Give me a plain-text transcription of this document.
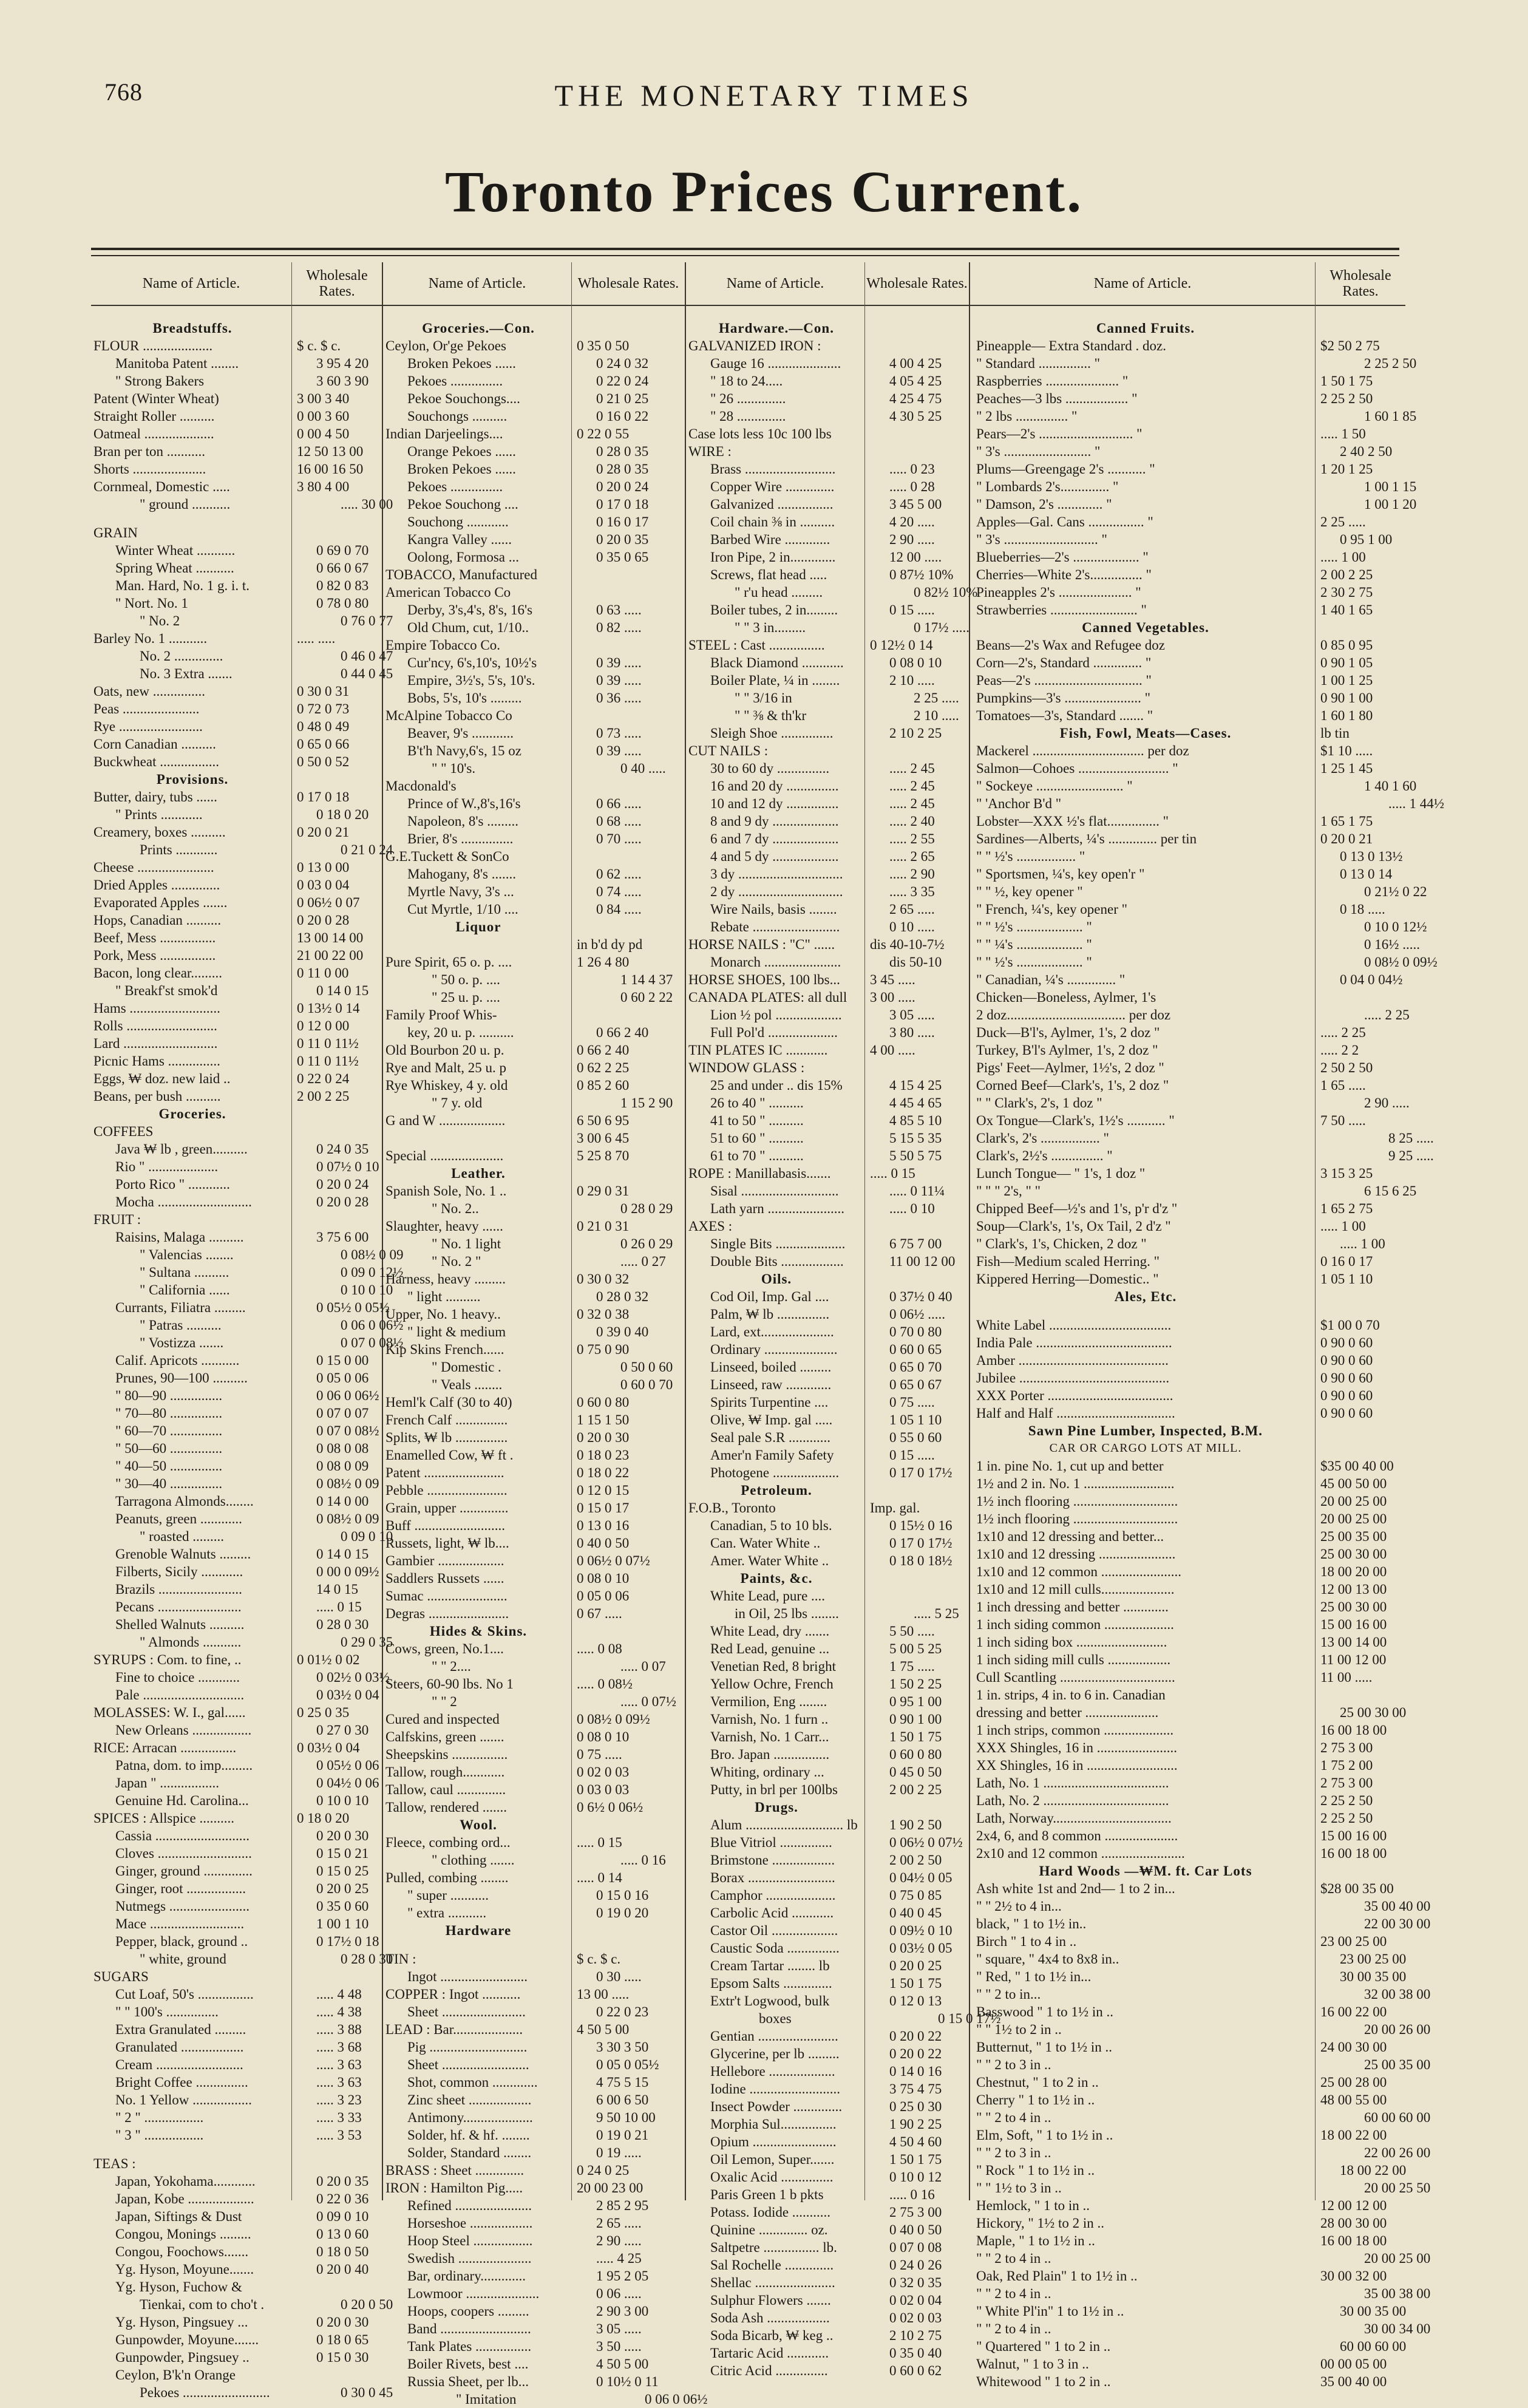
768	THE MONETARY TIMES
Toronto Prices Current.
Name of Article.
Breadstuffs.
FLOUR ....................
Manitoba Patent ........
" Strong Bakers
Patent (Winter Wheat)
Straight Roller ..........
Oatmeal ....................
Bran per ton ...........
Shorts .....................
Cornmeal, Domestic .....
" ground ...........
GRAIN
Winter Wheat ...........
Spring Wheat ...........
Man. Hard, No. 1 g. i. t.
" Nort. No. 1
" No. 2
Barley No. 1 ...........
No. 2 ..............
No. 3 Extra .......
Oats, new ...............
Peas ......................
Rye ........................
Corn Canadian ..........
Buckwheat .................
Provisions.
Butter, dairy, tubs ......
" Prints ............
Creamery, boxes ..........
Prints ............
Cheese ......................
Dried Apples ..............
Evaporated Apples .......
Hops, Canadian ..........
Beef, Mess ................
Pork, Mess ................
Bacon, long clear.........
" Breakf'st smok'd
Hams ..........................
Rolls ..........................
Lard ...........................
Picnic Hams ...............
Eggs, ₩ doz. new laid ..
Beans, per bush ..........
Groceries.
COFFEES
Java ₩ lb , green..........
Rio " ....................
Porto Rico " ............
Mocha ...........................
FRUIT :
Raisins, Malaga ..........
" Valencias ........
" Sultana ..........
" California ......
Currants, Filiatra .........
" Patras ..........
" Vostizza .......
Calif. Apricots ...........
Prunes, 90—100 ..........
" 80—90 ...............
" 70—80 ...............
" 60—70 ...............
" 50—60 ...............
" 40—50 ...............
" 30—40 ...............
Tarragona Almonds........
Peanuts, green ............
" roasted .........
Grenoble Walnuts .........
Filberts, Sicily ............
Brazils ........................
Pecans ........................
Shelled Walnuts ..........
" Almonds ...........
SYRUPS : Com. to fine, ..
Fine to choice ............
Pale .............................
MOLASSES: W. I., gal......
New Orleans .................
RICE: Arracan ................
Patna, dom. to imp.........
Japan " .................
Genuine Hd. Carolina...
SPICES : Allspice ..........
Cassia ...........................
Cloves ...........................
Ginger, ground ..............
Ginger, root .................
Nutmegs .......................
Mace ...........................
Pepper, black, ground ..
" white, ground
SUGARS
Cut Loaf, 50's ................
" " 100's ...............
Extra Granulated .........
Granulated ..................
Cream .........................
Bright Coffee ...............
No. 1 Yellow .................
" 2 " .................
" 3 " .................
TEAS :
Japan, Yokohama............
Japan, Kobe ...................
Japan, Siftings & Dust
Congou, Monings .........
Congou, Foochows.......
Yg. Hyson, Moyune.......
Yg. Hyson, Fuchow &
Tienkai, com to cho't .
Yg. Hyson, Pingsuey ...
Gunpowder, Moyune.......
Gunpowder, Pingsuey ..
Ceylon, B'k'n Orange
Pekoes .........................
Wholesale Rates.
$ c. $ c.
3 95 4 20
3 60 3 90
3 00 3 40
0 00 3 60
0 00 4 50
12 50 13 00
16 00 16 50
3 80 4 00
..... 30 00
0 69 0 70
0 66 0 67
0 82 0 83
0 78 0 80
0 76 0 77
..... .....
0 46 0 47
0 44 0 45
0 30 0 31
0 72 0 73
0 48 0 49
0 65 0 66
0 50 0 52
0 17 0 18
0 18 0 20
0 20 0 21
0 21 0 24
0 13 0 00
0 03 0 04
0 06½ 0 07
0 20 0 28
13 00 14 00
21 00 22 00
0 11 0 00
0 14 0 15
0 13½ 0 14
0 12 0 00
0 11 0 11½
0 11 0 11½
0 22 0 24
2 00 2 25
0 24 0 35
0 07½ 0 10
0 20 0 24
0 20 0 28
3 75 6 00
0 08½ 0 09
0 09 0 12½
0 10 0 10
0 05½ 0 05½
0 06 0 06½
0 07 0 08½
0 15 0 00
0 05 0 06
0 06 0 06½
0 07 0 07
0 07 0 08½
0 08 0 08
0 08 0 09
0 08½ 0 09
0 14 0 00
0 08½ 0 09
0 09 0 10
0 14 0 15
0 00 0 09½
14 0 15
..... 0 15
0 28 0 30
0 29 0 35
0 01½ 0 02
0 02½ 0 03½
0 03½ 0 04
0 25 0 35
0 27 0 30
0 03½ 0 04
0 05½ 0 06
0 04½ 0 06
0 10 0 10
0 18 0 20
0 20 0 30
0 15 0 21
0 15 0 25
0 20 0 25
0 35 0 60
1 00 1 10
0 17½ 0 18
0 28 0 30
..... 4 48
..... 4 38
..... 3 88
..... 3 68
..... 3 63
..... 3 63
..... 3 23
..... 3 33
..... 3 53
0 20 0 35
0 22 0 36
0 09 0 10
0 13 0 60
0 18 0 50
0 20 0 40
0 20 0 50
0 20 0 30
0 18 0 65
0 15 0 30
0 30 0 45
Name of Article.
Groceries.—Con.
Ceylon, Or'ge Pekoes
Broken Pekoes ......
Pekoes ...............
Pekoe Souchongs....
Souchongs ..........
Indian Darjeelings....
Orange Pekoes ......
Broken Pekoes ......
Pekoes ...............
Pekoe Souchong ....
Souchong ............
Kangra Valley ......
Oolong, Formosa ...
TOBACCO, Manufactured
American Tobacco Co
Derby, 3's,4's, 8's, 16's
Old Chum, cut, 1/10..
Empire Tobacco Co.
Cur'ncy, 6's,10's, 10½'s
Empire, 3½'s, 5's, 10's.
Bobs, 5's, 10's .........
McAlpine Tobacco Co
Beaver, 9's ............
B't'h Navy,6's, 15 oz
" " 10's.
Macdonald's
Prince of W.,8's,16's
Napoleon, 8's .........
Brier, 8's ...............
G.E.Tuckett & SonCo
Mahogany, 8's .......
Myrtle Navy, 3's ...
Cut Myrtle, 1/10 ....
Liquor
Pure Spirit, 65 o. p. ....
" 50 o. p. ....
" 25 u. p. ....
Family Proof Whis-
key, 20 u. p. ..........
Old Bourbon 20 u. p.
Rye and Malt, 25 u. p
Rye Whiskey, 4 y. old
" 7 y. old
G and W ...................
Special .....................
Leather.
Spanish Sole, No. 1 ..
" No. 2..
Slaughter, heavy ......
" No. 1 light
" No. 2 "
Harness, heavy .........
" light ..........
Upper, No. 1 heavy..
" light & medium
Kip Skins French......
" Domestic .
" Veals ........
Heml'k Calf (30 to 40)
French Calf ...............
Splits, ₩ lb ...............
Enamelled Cow, ₩ ft .
Patent .......................
Pebble .......................
Grain, upper ..............
Buff ..........................
Russets, light, ₩ lb....
Gambier ...................
Saddlers Russets ......
Sumac .......................
Degras .......................
Hides & Skins.
Cows, green, No.1....
" " 2....
Steers, 60-90 lbs. No 1
" " 2
Cured and inspected
Calfskins, green .......
Sheepskins ................
Tallow, rough............
Tallow, caul ..............
Tallow, rendered .......
Wool.
Fleece, combing ord...
" clothing .......
Pulled, combing ........
" super ...........
" extra ...........
Hardware
TIN :
Ingot .........................
COPPER : Ingot ...........
Sheet ........................
LEAD : Bar....................
Pig ............................
Sheet .........................
Shot, common .............
Zinc sheet ..................
Antimony....................
Solder, hf. & hf. ........
Solder, Standard ........
BRASS : Sheet ..............
IRON : Hamilton Pig.....
Refined ......................
Horseshoe ..................
Hoop Steel .................
Swedish .....................
Bar, ordinary.............
Lowmoor .....................
Hoops, coopers .........
Band ..........................
Tank Plates ................
Boiler Rivets, best ....
Russia Sheet, per lb...
" Imitation
Wholesale Rates.
0 35 0 50
0 24 0 32
0 22 0 24
0 21 0 25
0 16 0 22
0 22 0 55
0 28 0 35
0 28 0 35
0 20 0 24
0 17 0 18
0 16 0 17
0 20 0 35
0 35 0 65
0 63 .....
0 82 .....
0 39 .....
0 39 .....
0 36 .....
0 73 .....
0 39 .....
0 40 .....
0 66 .....
0 68 .....
0 70 .....
0 62 .....
0 74 .....
0 84 .....
in b'd dy pd
1 26 4 80
1 14 4 37
0 60 2 22
0 66 2 40
0 66 2 40
0 62 2 25
0 85 2 60
1 15 2 90
6 50 6 95
3 00 6 45
5 25 8 70
0 29 0 31
0 28 0 29
0 21 0 31
0 26 0 29
..... 0 27
0 30 0 32
0 28 0 32
0 32 0 38
0 39 0 40
0 75 0 90
0 50 0 60
0 60 0 70
0 60 0 80
1 15 1 50
0 20 0 30
0 18 0 23
0 18 0 22
0 12 0 15
0 15 0 17
0 13 0 16
0 40 0 50
0 06½ 0 07½
0 08 0 10
0 05 0 06
0 67 .....
..... 0 08
..... 0 07
..... 0 08½
..... 0 07½
0 08½ 0 09½
0 08 0 10
0 75 .....
0 02 0 03
0 03 0 03
0 6½ 0 06½
..... 0 15
..... 0 16
..... 0 14
0 15 0 16
0 19 0 20
$ c. $ c.
0 30 .....
13 00 .....
0 22 0 23
4 50 5 00
3 30 3 50
0 05 0 05½
4 75 5 15
6 00 6 50
9 50 10 00
0 19 0 21
0 19 .....
0 24 0 25
20 00 23 00
2 85 2 95
2 65 .....
2 90 .....
..... 4 25
1 95 2 05
0 06 .....
2 90 3 00
3 05 .....
3 50 .....
4 50 5 00
0 10½ 0 11
0 06 0 06½
Name of Article.
Hardware.—Con.
GALVANIZED IRON :
Gauge 16 .....................
" 18 to 24.....
" 26 ..............
" 28 ..............
Case lots less 10c 100 lbs
WIRE :
Brass ..........................
Copper Wire ..............
Galvanized ................
Coil chain ⅜ in ..........
Barbed Wire .............
Iron Pipe, 2 in.............
Screws, flat head .....
" r'u head .........
Boiler tubes, 2 in.........
" " 3 in.........
STEEL : Cast ................
Black Diamond ............
Boiler Plate, ¼ in ........
" " 3/16 in
" " ⅜ & th'kr
Sleigh Shoe ...............
CUT NAILS :
30 to 60 dy ...............
16 and 20 dy ...............
10 and 12 dy ...............
8 and 9 dy ...................
6 and 7 dy ...................
4 and 5 dy ...................
3 dy ..............................
2 dy ..............................
Wire Nails, basis ........
Rebate .........................
HORSE NAILS : "C" ......
Monarch ......................
HORSE SHOES, 100 lbs...
CANADA PLATES: all dull
Lion ½ pol ...................
Full Pol'd ....................
TIN PLATES IC ............
WINDOW GLASS :
25 and under .. dis 15%
26 to 40 " ..........
41 to 50 " ..........
51 to 60 " ..........
61 to 70 " ..........
ROPE : Manillabasis.......
Sisal ............................
Lath yarn ......................
AXES :
Single Bits ....................
Double Bits ..................
Oils.
Cod Oil, Imp. Gal ....
Palm, ₩ lb ...............
Lard, ext.....................
Ordinary .....................
Linseed, boiled .........
Linseed, raw .............
Spirits Turpentine ....
Olive, ₩ Imp. gal .....
Seal pale S.R ............
Amer'n Family Safety
Photogene ...................
Petroleum.
F.O.B., Toronto
Canadian, 5 to 10 bls.
Can. Water White ..
Amer. Water White ..
Paints, &c.
White Lead, pure ....
in Oil, 25 lbs ........
White Lead, dry .......
Red Lead, genuine ...
Venetian Red, 8 bright
Yellow Ochre, French
Vermilion, Eng ........
Varnish, No. 1 furn ..
Varnish, No. 1 Carr...
Bro. Japan ................
Whiting, ordinary ...
Putty, in brl per 100lbs
Drugs.
Alum ............................ lb
Blue Vitriol ...............
Brimstone ..................
Borax .........................
Camphor ....................
Carbolic Acid ............
Castor Oil ...................
Caustic Soda ...............
Cream Tartar ........ lb
Epsom Salts ..............
Extr't Logwood, bulk
boxes
Gentian .......................
Glycerine, per lb .........
Hellebore ...................
Iodine ..........................
Insect Powder ..............
Morphia Sul................
Opium ........................
Oil Lemon, Super.......
Oxalic Acid ...............
Paris Green 1 b pkts
Potass. Iodide ...........
Quinine .............. oz.
Saltpetre ................ lb.
Sal Rochelle ..............
Shellac .......................
Sulphur Flowers .......
Soda Ash ..................
Soda Bicarb, ₩ keg ..
Tartaric Acid ............
Citric Acid ...............
Wholesale Rates.
4 00 4 25
4 05 4 25
4 25 4 75
4 30 5 25
..... 0 23
..... 0 28
3 45 5 00
4 20 .....
2 90 .....
12 00 .....
0 87½ 10%
0 82½ 10%
0 15 .....
0 17½ .....
0 12½ 0 14
0 08 0 10
2 10 .....
2 25 .....
2 10 .....
2 10 2 25
..... 2 45
..... 2 45
..... 2 45
..... 2 40
..... 2 55
..... 2 65
..... 2 90
..... 3 35
2 65 .....
0 10 .....
dis 40-10-7½
dis 50-10
3 45 .....
3 00 .....
3 05 .....
3 80 .....
4 00 .....
4 15 4 25
4 45 4 65
4 85 5 10
5 15 5 35
5 50 5 75
..... 0 15
..... 0 11¼
..... 0 10
6 75 7 00
11 00 12 00
0 37½ 0 40
0 06½ .....
0 70 0 80
0 60 0 65
0 65 0 70
0 65 0 67
0 75 .....
1 05 1 10
0 55 0 60
0 15 .....
0 17 0 17½
Imp. gal.
0 15½ 0 16
0 17 0 17½
0 18 0 18½
..... 5 25
5 50 .....
5 00 5 25
1 75 .....
1 50 2 25
0 95 1 00
0 90 1 00
1 50 1 75
0 60 0 80
0 45 0 50
2 00 2 25
1 90 2 50
0 06½ 0 07½
2 00 2 50
0 04½ 0 05
0 75 0 85
0 40 0 45
0 09½ 0 10
0 03½ 0 05
0 20 0 25
1 50 1 75
0 12 0 13
0 15 0 17½
0 20 0 22
0 20 0 22
0 14 0 16
3 75 4 75
0 25 0 30
1 90 2 25
4 50 4 60
1 50 1 75
0 10 0 12
..... 0 16
2 75 3 00
0 40 0 50
0 07 0 08
0 24 0 26
0 32 0 35
0 02 0 04
0 02 0 03
2 10 2 75
0 35 0 40
0 60 0 62
Name of Article.
Canned Fruits.
Pineapple— Extra Standard . doz.
" Standard ............... "
Raspberries ..................... "
Peaches—3 lbs .................. "
" 2 lbs ............... "
Pears—2's ........................... "
" 3's ......................... "
Plums—Greengage 2's ........... "
" Lombards 2's.............. "
" Damson, 2's ............. "
Apples—Gal. Cans ................ "
" 3's ........................... "
Blueberries—2's ................... "
Cherries—White 2's............... "
Pineapples 2's ..................... "
Strawberries ......................... "
Canned Vegetables.
Beans—2's Wax and Refugee doz
Corn—2's, Standard .............. "
Peas—2's ............................... "
Pumpkins—3's ...................... "
Tomatoes—3's, Standard ....... "
Fish, Fowl, Meats—Cases.
Mackerel ................................ per doz
Salmon—Cohoes .......................... "
" Sockeye ......................... "
" 'Anchor B'd "
Lobster—XXX ½'s flat............... "
Sardines—Alberts, ¼'s .............. per tin
" " ½'s ................. "
" Sportsmen, ¼'s, key open'r "
" " ½, key opener "
" French, ¼'s, key opener "
" " ½'s ................... "
" " ¼'s ................... "
" " ½'s ................... "
" Canadian, ¼'s .............. "
Chicken—Boneless, Aylmer, 1's
2 doz.................................. per doz
Duck—B'l's, Aylmer, 1's, 2 doz "
Turkey, B'l's Aylmer, 1's, 2 doz "
Pigs' Feet—Aylmer, 1½'s, 2 doz "
Corned Beef—Clark's, 1's, 2 doz "
" " Clark's, 2's, 1 doz "
Ox Tongue—Clark's, 1½'s ........... "
Clark's, 2's ................. "
Clark's, 2½'s ............... "
Lunch Tongue— " 1's, 1 doz "
" " " 2's, " "
Chipped Beef—½'s and 1's, p'r d'z "
Soup—Clark's, 1's, Ox Tail, 2 d'z "
" Clark's, 1's, Chicken, 2 doz "
Fish—Medium scaled Herring. "
Kippered Herring—Domestic.. "
Ales, Etc.
White Label ...................................
India Pale .......................................
Amber ...........................................
Jubilee ...........................................
XXX Porter ....................................
Half and Half ..................................
Sawn Pine Lumber, Inspected, B.M.
CAR OR CARGO LOTS AT MILL.
1 in. pine No. 1, cut up and better
1½ and 2 in. No. 1 ..........................
1½ inch flooring ..............................
1½ inch flooring ..............................
1x10 and 12 dressing and better...
1x10 and 12 dressing ......................
1x10 and 12 common .......................
1x10 and 12 mill culls.....................
1 inch dressing and better .............
1 inch siding common ....................
1 inch siding box ..........................
1 inch siding mill culls ..................
Cull Scantling .................................
1 in. strips, 4 in. to 6 in. Canadian
dressing and better .....................
1 inch strips, common ....................
XXX Shingles, 16 in .......................
XX Shingles, 16 in ..........................
Lath, No. 1 ....................................
Lath, No. 2 ....................................
Lath, Norway..................................
2x4, 6, and 8 common .....................
2x10 and 12 common ........................
Hard Woods —₩M. ft. Car Lots
Ash white 1st and 2nd— 1 to 2 in...
" " 2½ to 4 in...
black, " 1 to 1½ in..
Birch " 1 to 4 in ..
" square, " 4x4 to 8x8 in..
" Red, " 1 to 1½ in...
" " 2 to in...
Basswood " 1 to 1½ in ..
" " 1½ to 2 in ..
Butternut, " 1 to 1½ in ..
" " 2 to 3 in ..
Chestnut, " 1 to 2 in ..
Cherry " 1 to 1½ in ..
" " 2 to 4 in ..
Elm, Soft, " 1 to 1½ in ..
" " 2 to 3 in ..
" Rock " 1 to 1½ in ..
" " 1½ to 3 in ..
Hemlock, " 1 to in ..
Hickory, " 1½ to 2 in ..
Maple, " 1 to 1½ in ..
" " 2 to 4 in ..
Oak, Red Plain" 1 to 1½ in ..
" " 2 to 4 in ..
" White Pl'in" 1 to 1½ in ..
" " 2 to 4 in ..
" Quartered " 1 to 2 in ..
Walnut, " 1 to 3 in ..
Whitewood " 1 to 2 in ..
Wholesale Rates.
$2 50 2 75
2 25 2 50
1 50 1 75
2 25 2 50
1 60 1 85
..... 1 50
2 40 2 50
1 20 1 25
1 00 1 15
1 00 1 20
2 25 .....
0 95 1 00
..... 1 00
2 00 2 25
2 30 2 75
1 40 1 65
0 85 0 95
0 90 1 05
1 00 1 25
0 90 1 00
1 60 1 80
lb tin
$1 10 .....
1 25 1 45
1 40 1 60
..... 1 44½
1 65 1 75
0 20 0 21
0 13 0 13½
0 13 0 14
0 21½ 0 22
0 18 .....
0 10 0 12½
0 16½ .....
0 08½ 0 09½
0 04 0 04½
..... 2 25
..... 2 25
..... 2 2
2 50 2 50
1 65 .....
2 90 .....
7 50 .....
8 25 .....
9 25 .....
3 15 3 25
6 15 6 25
1 65 2 75
..... 1 00
..... 1 00
0 16 0 17
1 05 1 10
$1 00 0 70
0 90 0 60
0 90 0 60
0 90 0 60
0 90 0 60
0 90 0 60
$35 00 40 00
45 00 50 00
20 00 25 00
20 00 25 00
25 00 35 00
25 00 30 00
18 00 20 00
12 00 13 00
25 00 30 00
15 00 16 00
13 00 14 00
11 00 12 00
11 00 .....
25 00 30 00
16 00 18 00
2 75 3 00
1 75 2 00
2 75 3 00
2 25 2 50
2 25 2 50
15 00 16 00
16 00 18 00
$28 00 35 00
35 00 40 00
22 00 30 00
23 00 25 00
23 00 25 00
30 00 35 00
32 00 38 00
16 00 22 00
20 00 26 00
24 00 30 00
25 00 35 00
25 00 28 00
48 00 55 00
60 00 60 00
18 00 22 00
22 00 26 00
18 00 22 00
20 00 25 50
12 00 12 00
28 00 30 00
16 00 18 00
20 00 25 00
30 00 32 00
35 00 38 00
30 00 35 00
30 00 34 00
60 00 60 00
00 00 05 00
35 00 40 00
